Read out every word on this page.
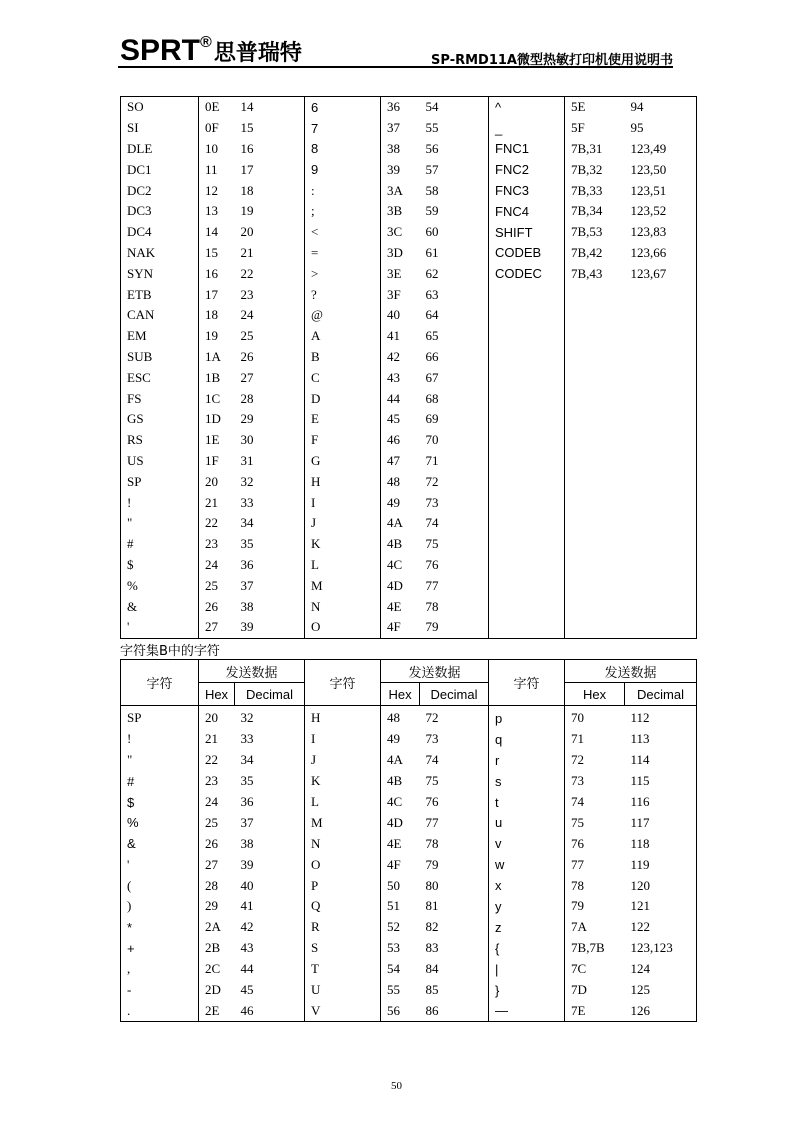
SPRT®思普瑞特	SP-RMD11A微型热敏打印机使用说明书
SO	0E	14	6	36	54	^	5E	94
SI	0F	15	7	37	55	_	5F	95
DLE	10	16	8	38	56	FNC1	7B,31	123,49
DC1	11	17	9	39	57	FNC2	7B,32	123,50
DC2	12	18	:	3A	58	FNC3	7B,33	123,51
DC3	13	19	;	3B	59	FNC4	7B,34	123,52
DC4	14	20	<	3C	60	SHIFT	7B,53	123,83
NAK	15	21	=	3D	61	CODEB	7B,42	123,66
SYN	16	22	>	3E	62	CODEC	7B,43	123,67
ETB	17	23	?	3F	63			
CAN	18	24	@	40	64			
EM	19	25	A	41	65			
SUB	1A	26	B	42	66			
ESC	1B	27	C	43	67			
FS	1C	28	D	44	68			
GS	1D	29	E	45	69			
RS	1E	30	F	46	70			
US	1F	31	G	47	71			
SP	20	32	H	48	72			
!	21	33	I	49	73			
"	22	34	J	4A	74			
#	23	35	K	4B	75			
$	24	36	L	4C	76			
%	25	37	M	4D	77			
&	26	38	N	4E	78			
'	27	39	O	4F	79			
字符集B中的字符
字符	发送数据		字符	发送数据		字符	发送数据	
	Hex	Decimal		Hex	Decimal		Hex	Decimal
SP	20	32	H	48	72	p	70	112
!	21	33	I	49	73	q	71	113
"	22	34	J	4A	74	r	72	114
#	23	35	K	4B	75	s	73	115
$	24	36	L	4C	76	t	74	116
%	25	37	M	4D	77	u	75	117
&	26	38	N	4E	78	v	76	118
'	27	39	O	4F	79	w	77	119
(	28	40	P	50	80	x	78	120
)	29	41	Q	51	81	y	79	121
*	2A	42	R	52	82	z	7A	122
+	2B	43	S	53	83	{	7B,7B	123,123
,	2C	44	T	54	84	|	7C	124
-	2D	45	U	55	85	}	7D	125
.	2E	46	V	56	86	—	7E	126
50
